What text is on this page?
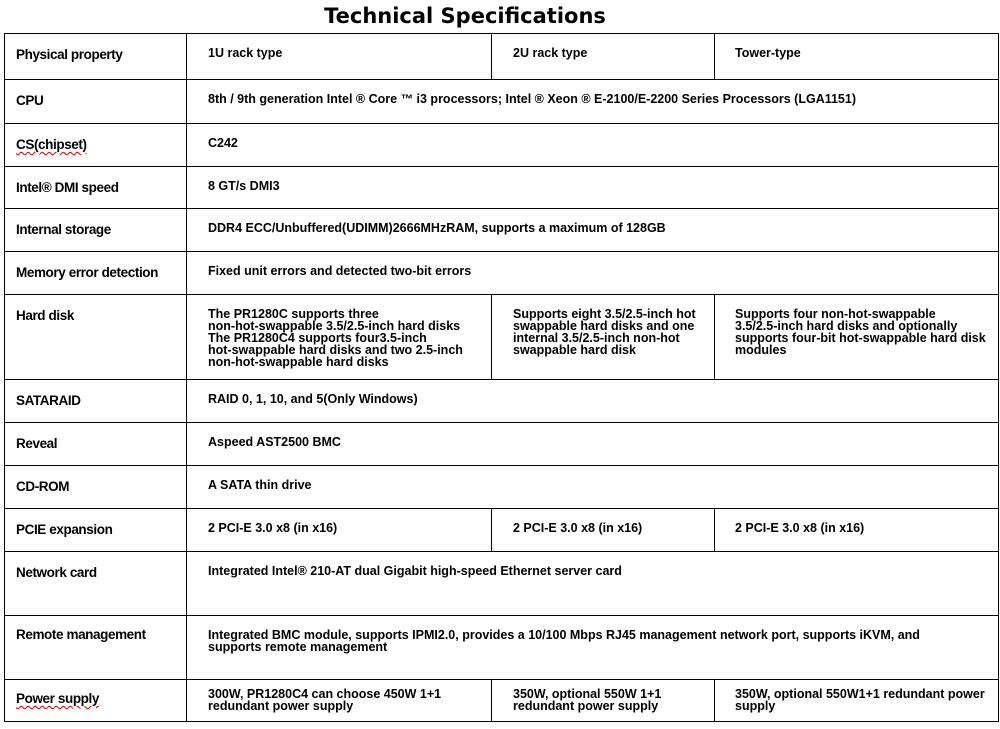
Technical Specifications
Physical property	1U rack type	2U rack type	Tower-type
CPU	8th / 9th generation Intel ® Core ™ i3 processors; Intel ® Xeon ® E-2100/E-2200 Series Processors (LGA1151)		
CS(chipset)	C242		
Intel® DMI speed	8 GT/s DMI3		
Internal storage	DDR4 ECC/Unbuffered(UDIMM)2666MHzRAM, supports a maximum of 128GB		
Memory error detection	Fixed unit errors and detected two-bit errors		
Hard disk	The PR1280C supports three
non-hot-swappable 3.5/2.5-inch hard disks
The PR1280C4 supports four3.5-inch
hot-swappable hard disks and two 2.5-inch
non-hot-swappable hard disks	Supports eight 3.5/2.5-inch hot
swappable hard disks and one
internal 3.5/2.5-inch non-hot
swappable hard disk	Supports four non-hot-swappable
3.5/2.5-inch hard disks and optionally
supports four-bit hot-swappable hard disk
modules

SATARAID	RAID 0, 1, 10, and 5(Only Windows)		
Reveal	Aspeed AST2500 BMC		
CD-ROM	A SATA thin drive		
PCIE expansion	2 PCI-E 3.0 x8 (in x16)	2 PCI-E 3.0 x8 (in x16)	2 PCI-E 3.0 x8 (in x16)
Network card	Integrated Intel® 210-AT dual Gigabit high-speed Ethernet server card		
Remote management	Integrated BMC module, supports IPMI2.0, provides a 10/100 Mbps RJ45 management network port, supports iKVM, and
supports remote management		

Power supply	300W, PR1280C4 can choose 450W 1+1
redundant power supply	350W, optional 550W 1+1
redundant power supply	350W, optional 550W1+1 redundant power
supply
